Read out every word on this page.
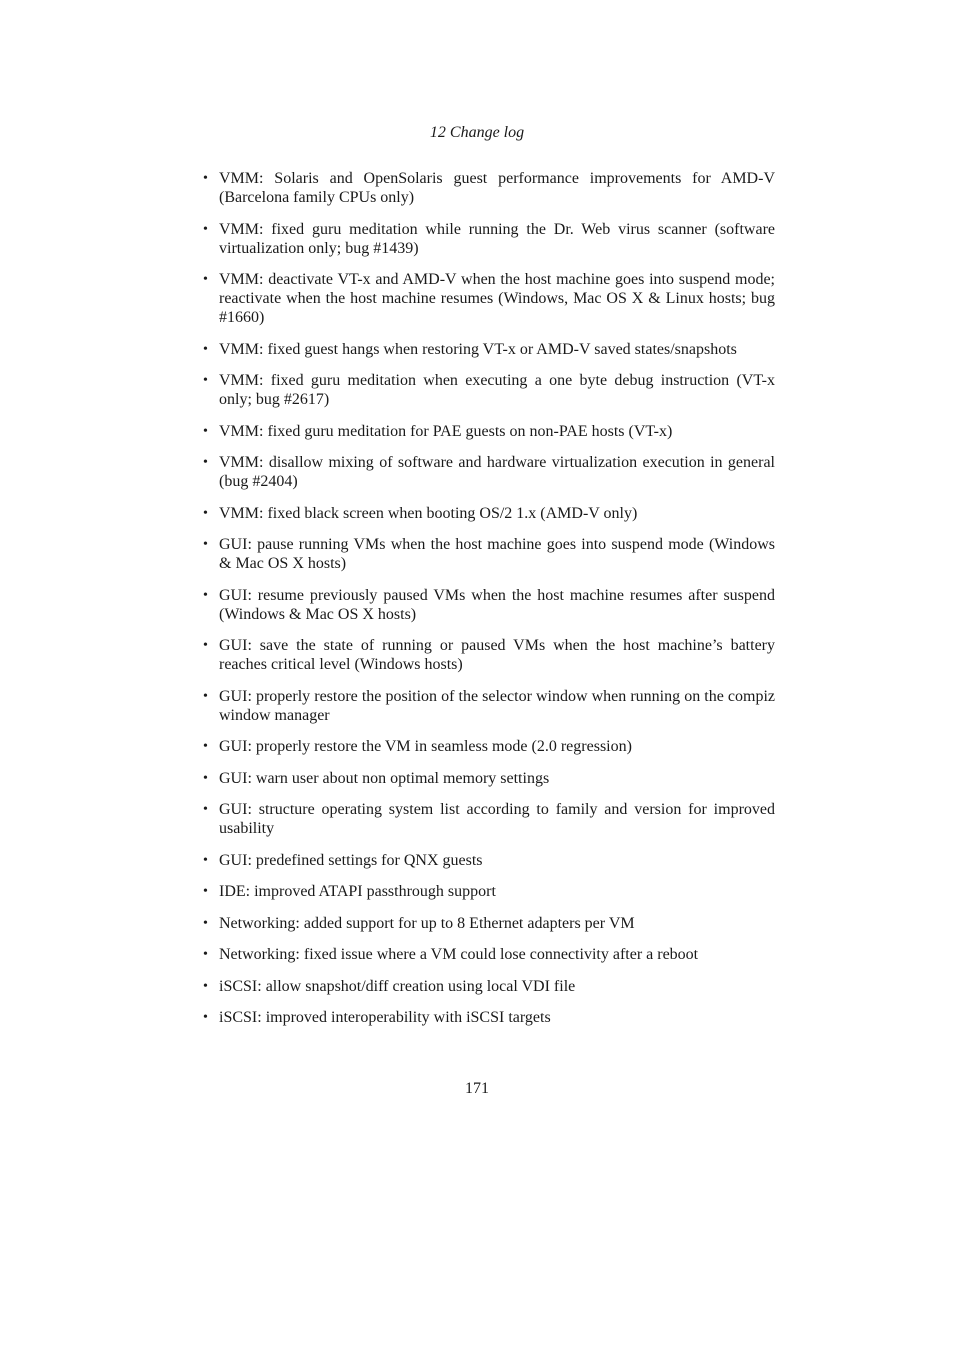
12 Change log
• VMM: Solaris and OpenSolaris guest performance improvements for AMD-V (Barcelona family CPUs only)
• VMM: fixed guru meditation while running the Dr. Web virus scanner (software virtualization only; bug #1439)
• VMM: deactivate VT-x and AMD-V when the host machine goes into suspend mode; reactivate when the host machine resumes (Windows, Mac OS X & Linux hosts; bug #1660)
• VMM: fixed guest hangs when restoring VT-x or AMD-V saved states/snapshots
• VMM: fixed guru meditation when executing a one byte debug instruction (VT-x only; bug #2617)
• VMM: fixed guru meditation for PAE guests on non-PAE hosts (VT-x)
• VMM: disallow mixing of software and hardware virtualization execution in general (bug #2404)
• VMM: fixed black screen when booting OS/2 1.x (AMD-V only)
• GUI: pause running VMs when the host machine goes into suspend mode (Windows & Mac OS X hosts)
• GUI: resume previously paused VMs when the host machine resumes after suspend (Windows & Mac OS X hosts)
• GUI: save the state of running or paused VMs when the host machine’s battery reaches critical level (Windows hosts)
• GUI: properly restore the position of the selector window when running on the compiz window manager
• GUI: properly restore the VM in seamless mode (2.0 regression)
• GUI: warn user about non optimal memory settings
• GUI: structure operating system list according to family and version for improved usability
• GUI: predefined settings for QNX guests
• IDE: improved ATAPI passthrough support
• Networking: added support for up to 8 Ethernet adapters per VM
• Networking: fixed issue where a VM could lose connectivity after a reboot
• iSCSI: allow snapshot/diff creation using local VDI file
• iSCSI: improved interoperability with iSCSI targets
171
